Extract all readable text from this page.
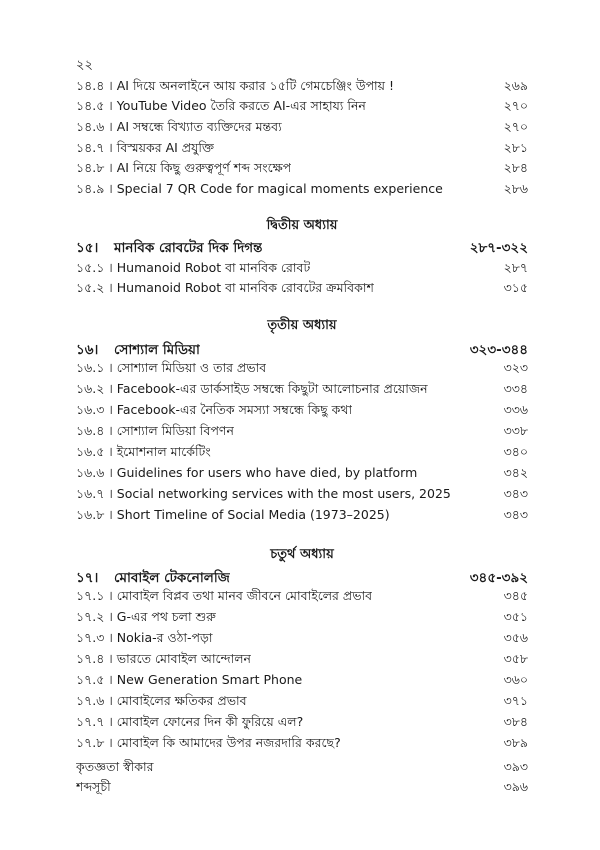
২২
১৪.৪ । AI দিয়ে অনলাইনে আয় করার ১৫টি গেমচেঞ্জিং উপায় !	২৬৯
১৪.৫ । YouTube Video তৈরি করতে AI-এর সাহায্য নিন	২৭০
১৪.৬ । AI সম্বন্ধে বিখ্যাত ব্যক্তিদের মন্তব্য	২৭০
১৪.৭ । বিস্ময়কর AI প্রযুক্তি	২৮১
১৪.৮ । AI নিয়ে কিছু গুরুত্বপূর্ণ শব্দ সংক্ষেপ	২৮৪
১৪.৯ । Special 7 QR Code for magical moments experience	২৮৬
দ্বিতীয় অধ্যায়
১৫। মানবিক রোবটের দিক দিগন্ত	২৮৭-৩২২
১৫.১ । Humanoid Robot বা মানবিক রোবট	২৮৭
১৫.২ । Humanoid Robot বা মানবিক রোবটের ক্রমবিকাশ	৩১৫
তৃতীয় অধ্যায়
১৬। সোশ্যাল মিডিয়া	৩২৩-৩৪৪
১৬.১ । সোশ্যাল মিডিয়া ও তার প্রভাব	৩২৩
১৬.২ । Facebook-এর ডার্কসাইড সম্বন্ধে কিছুটা আলোচনার প্রয়োজন	৩৩৪
১৬.৩ । Facebook-এর নৈতিক সমস্যা সম্বন্ধে কিছু কথা	৩৩৬
১৬.৪ । সোশ্যাল মিডিয়া বিপণন	৩৩৮
১৬.৫ । ইমোশনাল মার্কেটিং	৩৪০
১৬.৬ । Guidelines for users who have died, by platform	৩৪২
১৬.৭ । Social networking services with the most users, 2025	৩৪৩
১৬.৮ । Short Timeline of Social Media (1973–2025)	৩৪৩
চতুর্থ অধ্যায়
১৭। মোবাইল টেকনোলজি	৩৪৫-৩৯২
১৭.১ । মোবাইল বিপ্লব তথা মানব জীবনে মোবাইলের প্রভাব	৩৪৫
১৭.২ । G-এর পথ চলা শুরু	৩৫১
১৭.৩ । Nokia-র ওঠা-পড়া	৩৫৬
১৭.৪ । ভারতে মোবাইল আন্দোলন	৩৫৮
১৭.৫ । New Generation Smart Phone	৩৬০
১৭.৬ । মোবাইলের ক্ষতিকর প্রভাব	৩৭১
১৭.৭ । মোবাইল ফোনের দিন কী ফুরিয়ে এল?	৩৮৪
১৭.৮ । মোবাইল কি আমাদের উপর নজরদারি করছে?	৩৮৯
কৃতজ্ঞতা স্বীকার	৩৯৩
শব্দসূচী	৩৯৬
